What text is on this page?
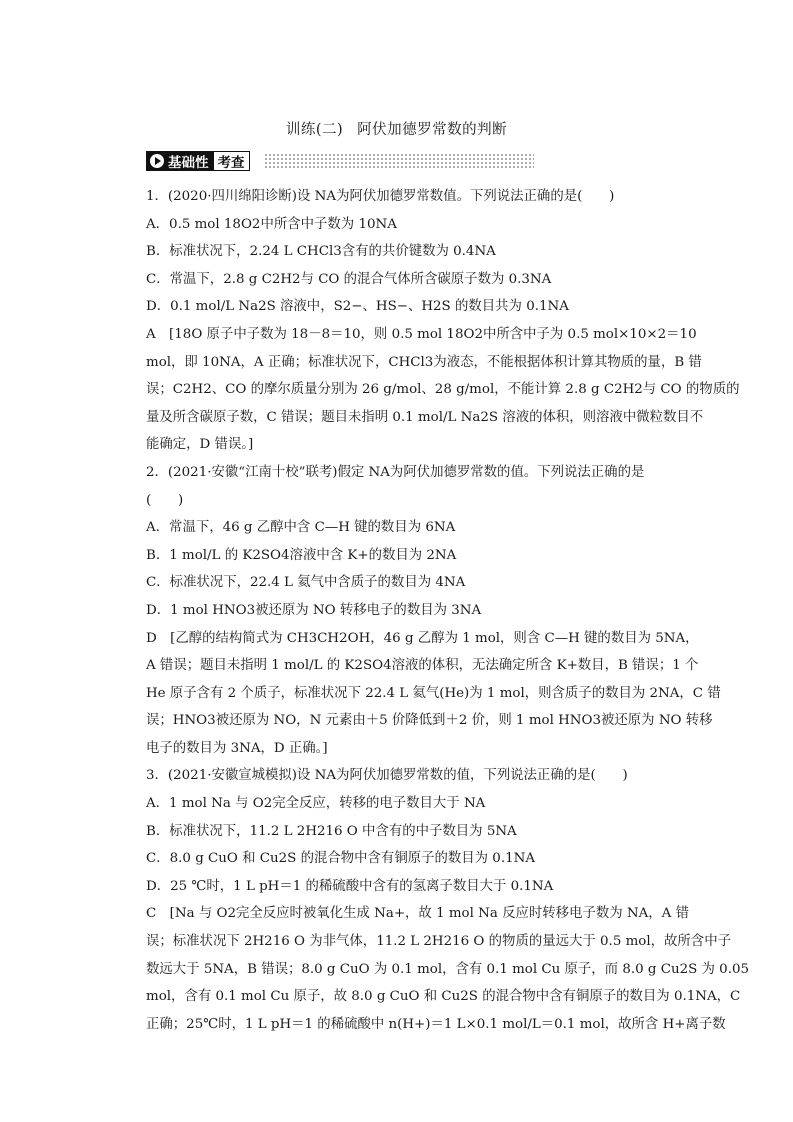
训练(二) 阿伏加德罗常数的判断
基础性 考查
1．(2020·四川绵阳诊断)设 NA为阿伏加德罗常数值。下列说法正确的是(　　)
A．0.5 mol 18O2中所含中子数为 10NA
B．标准状况下，2.24 L CHCl3含有的共价键数为 0.4NA
C．常温下，2.8 g C2H2与 CO 的混合气体所含碳原子数为 0.3NA
D．0.1 mol/L Na2S 溶液中，S2−、HS−、H2S 的数目共为 0.1NA
A　[18O 原子中子数为 18－8＝10，则 0.5 mol 18O2中所含中子为 0.5 mol×10×2＝10
mol，即 10NA，A 正确；标准状况下，CHCl3为液态，不能根据体积计算其物质的量，B 错
误；C2H2、CO 的摩尔质量分别为 26 g/mol、28 g/mol，不能计算 2.8 g C2H2与 CO 的物质的
量及所含碳原子数，C 错误；题目未指明 0.1 mol/L Na2S 溶液的体积，则溶液中微粒数目不
能确定，D 错误。]
2．(2021·安徽“江南十校”联考)假定 NA为阿伏加德罗常数的值。下列说法正确的是
(　　)
A．常温下，46 g 乙醇中含 C—H 键的数目为 6NA
B．1 mol/L 的 K2SO4溶液中含 K+的数目为 2NA
C．标准状况下，22.4 L 氦气中含质子的数目为 4NA
D．1 mol HNO3被还原为 NO 转移电子的数目为 3NA
D　[乙醇的结构简式为 CH3CH2OH，46 g 乙醇为 1 mol，则含 C—H 键的数目为 5NA，
A 错误；题目未指明 1 mol/L 的 K2SO4溶液的体积，无法确定所含 K+数目，B 错误；1 个
He 原子含有 2 个质子，标准状况下 22.4 L 氦气(He)为 1 mol，则含质子的数目为 2NA，C 错
误；HNO3被还原为 NO，N 元素由＋5 价降低到＋2 价，则 1 mol HNO3被还原为 NO 转移
电子的数目为 3NA，D 正确。]
3．(2021·安徽宣城模拟)设 NA为阿伏加德罗常数的值，下列说法正确的是(　　)
A．1 mol Na 与 O2完全反应，转移的电子数目大于 NA
B．标准状况下，11.2 L 2H216 O 中含有的中子数目为 5NA
C．8.0 g CuO 和 Cu2S 的混合物中含有铜原子的数目为 0.1NA
D．25 ℃时，1 L pH＝1 的稀硫酸中含有的氢离子数目大于 0.1NA
C　[Na 与 O2完全反应时被氧化生成 Na+，故 1 mol Na 反应时转移电子数为 NA，A 错
误；标准状况下 2H216 O 为非气体，11.2 L 2H216 O 的物质的量远大于 0.5 mol，故所含中子
数远大于 5NA，B 错误；8.0 g CuO 为 0.1 mol，含有 0.1 mol Cu 原子，而 8.0 g Cu2S 为 0.05
mol，含有 0.1 mol Cu 原子，故 8.0 g CuO 和 Cu2S 的混合物中含有铜原子的数目为 0.1NA，C
正确；25℃时，1 L pH＝1 的稀硫酸中 n(H+)＝1 L×0.1 mol/L＝0.1 mol，故所含 H+离子数
